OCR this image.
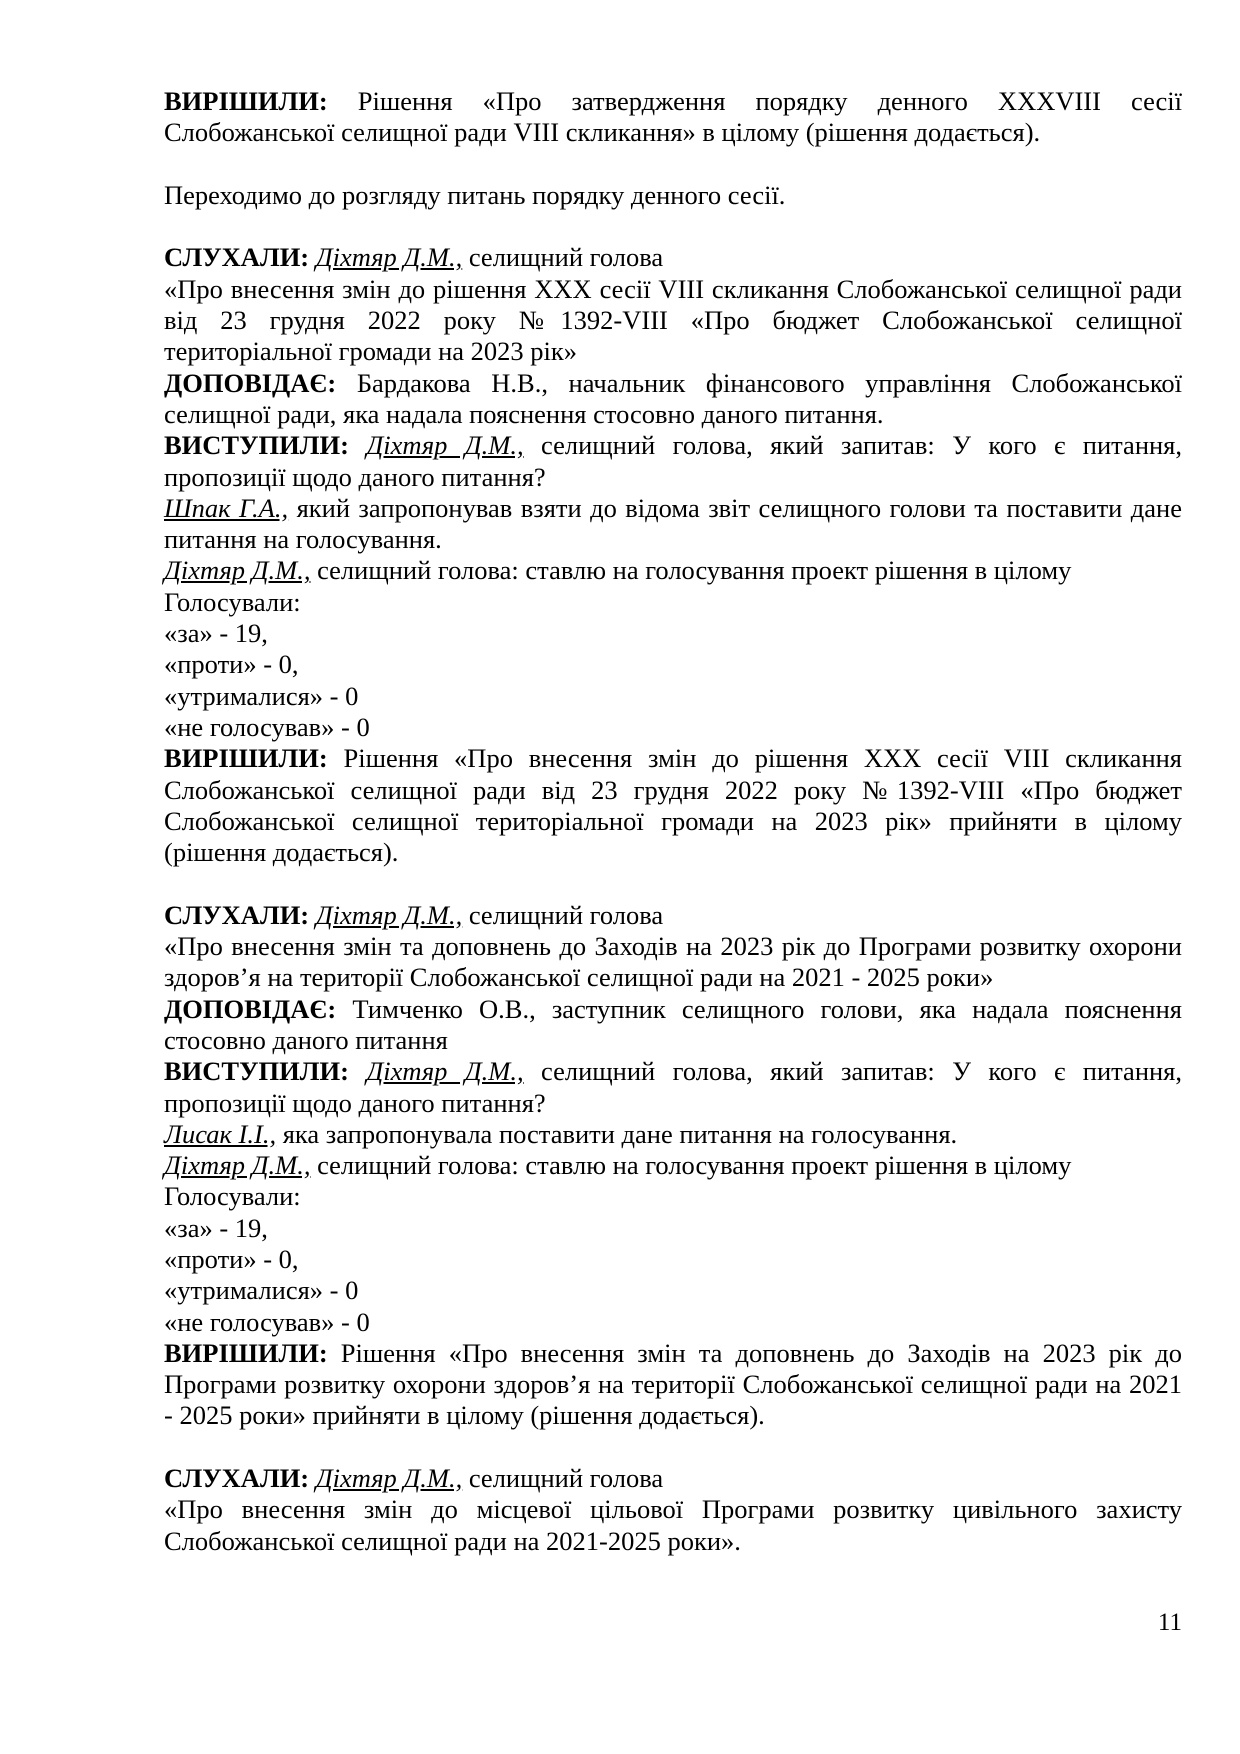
ВИРІШИЛИ: Рішення «Про затвердження порядку денного XXXVIII сесії Слобожанської селищної ради VIII скликання» в цілому (рішення додається).

Переходимо до розгляду питань порядку денного сесії.

СЛУХАЛИ: Діхтяр Д.М., селищний голова

«Про внесення змін до рішення XXX сесії VIII скликання Слобожанської селищної ради від 23 грудня 2022 року №1392-VIII «Про бюджет Слобожанської селищної територіальної громади на 2023 рік»

ДОПОВІДАЄ: Бардакова Н.В., начальник фінансового управління Слобожанської селищної ради, яка надала пояснення стосовно даного питання.

ВИСТУПИЛИ: Діхтяр Д.М., селищний голова, який запитав: У кого є питання, пропозиції щодо даного питання?

Шпак Г.А., який запропонував взяти до відома звіт селищного голови та поставити дане питання на голосування.

Діхтяр Д.М., селищний голова: ставлю на голосування проект рішення в цілому

Голосували:

«за» - 19,

«проти» - 0,

«утрималися» - 0

«не голосував» - 0

ВИРІШИЛИ: Рішення «Про внесення змін до рішення XXX сесії VIII скликання Слобожанської селищної ради від 23 грудня 2022 року №1392-VIII «Про бюджет Слобожанської селищної територіальної громади на 2023 рік» прийняти в цілому (рішення додається).

СЛУХАЛИ: Діхтяр Д.М., селищний голова

«Про внесення змін та доповнень до Заходів на 2023 рік до Програми розвитку охорони здоров’я на території Слобожанської селищної ради на 2021 - 2025 роки»

ДОПОВІДАЄ: Тимченко О.В., заступник селищного голови, яка надала пояснення стосовно даного питання

ВИСТУПИЛИ: Діхтяр Д.М., селищний голова, який запитав: У кого є питання, пропозиції щодо даного питання?

Лисак І.І., яка запропонувала поставити дане питання на голосування.

Діхтяр Д.М., селищний голова: ставлю на голосування проект рішення в цілому

Голосували:

«за» - 19,

«проти» - 0,

«утрималися» - 0

«не голосував» - 0

ВИРІШИЛИ: Рішення «Про внесення змін та доповнень до Заходів на 2023 рік до Програми розвитку охорони здоров’я на території Слобожанської селищної ради на 2021 - 2025 роки» прийняти в цілому (рішення додається).

СЛУХАЛИ: Діхтяр Д.М., селищний голова

«Про внесення змін до місцевої цільової Програми розвитку цивільного захисту Слобожанської селищної ради на 2021-2025 роки».

11
